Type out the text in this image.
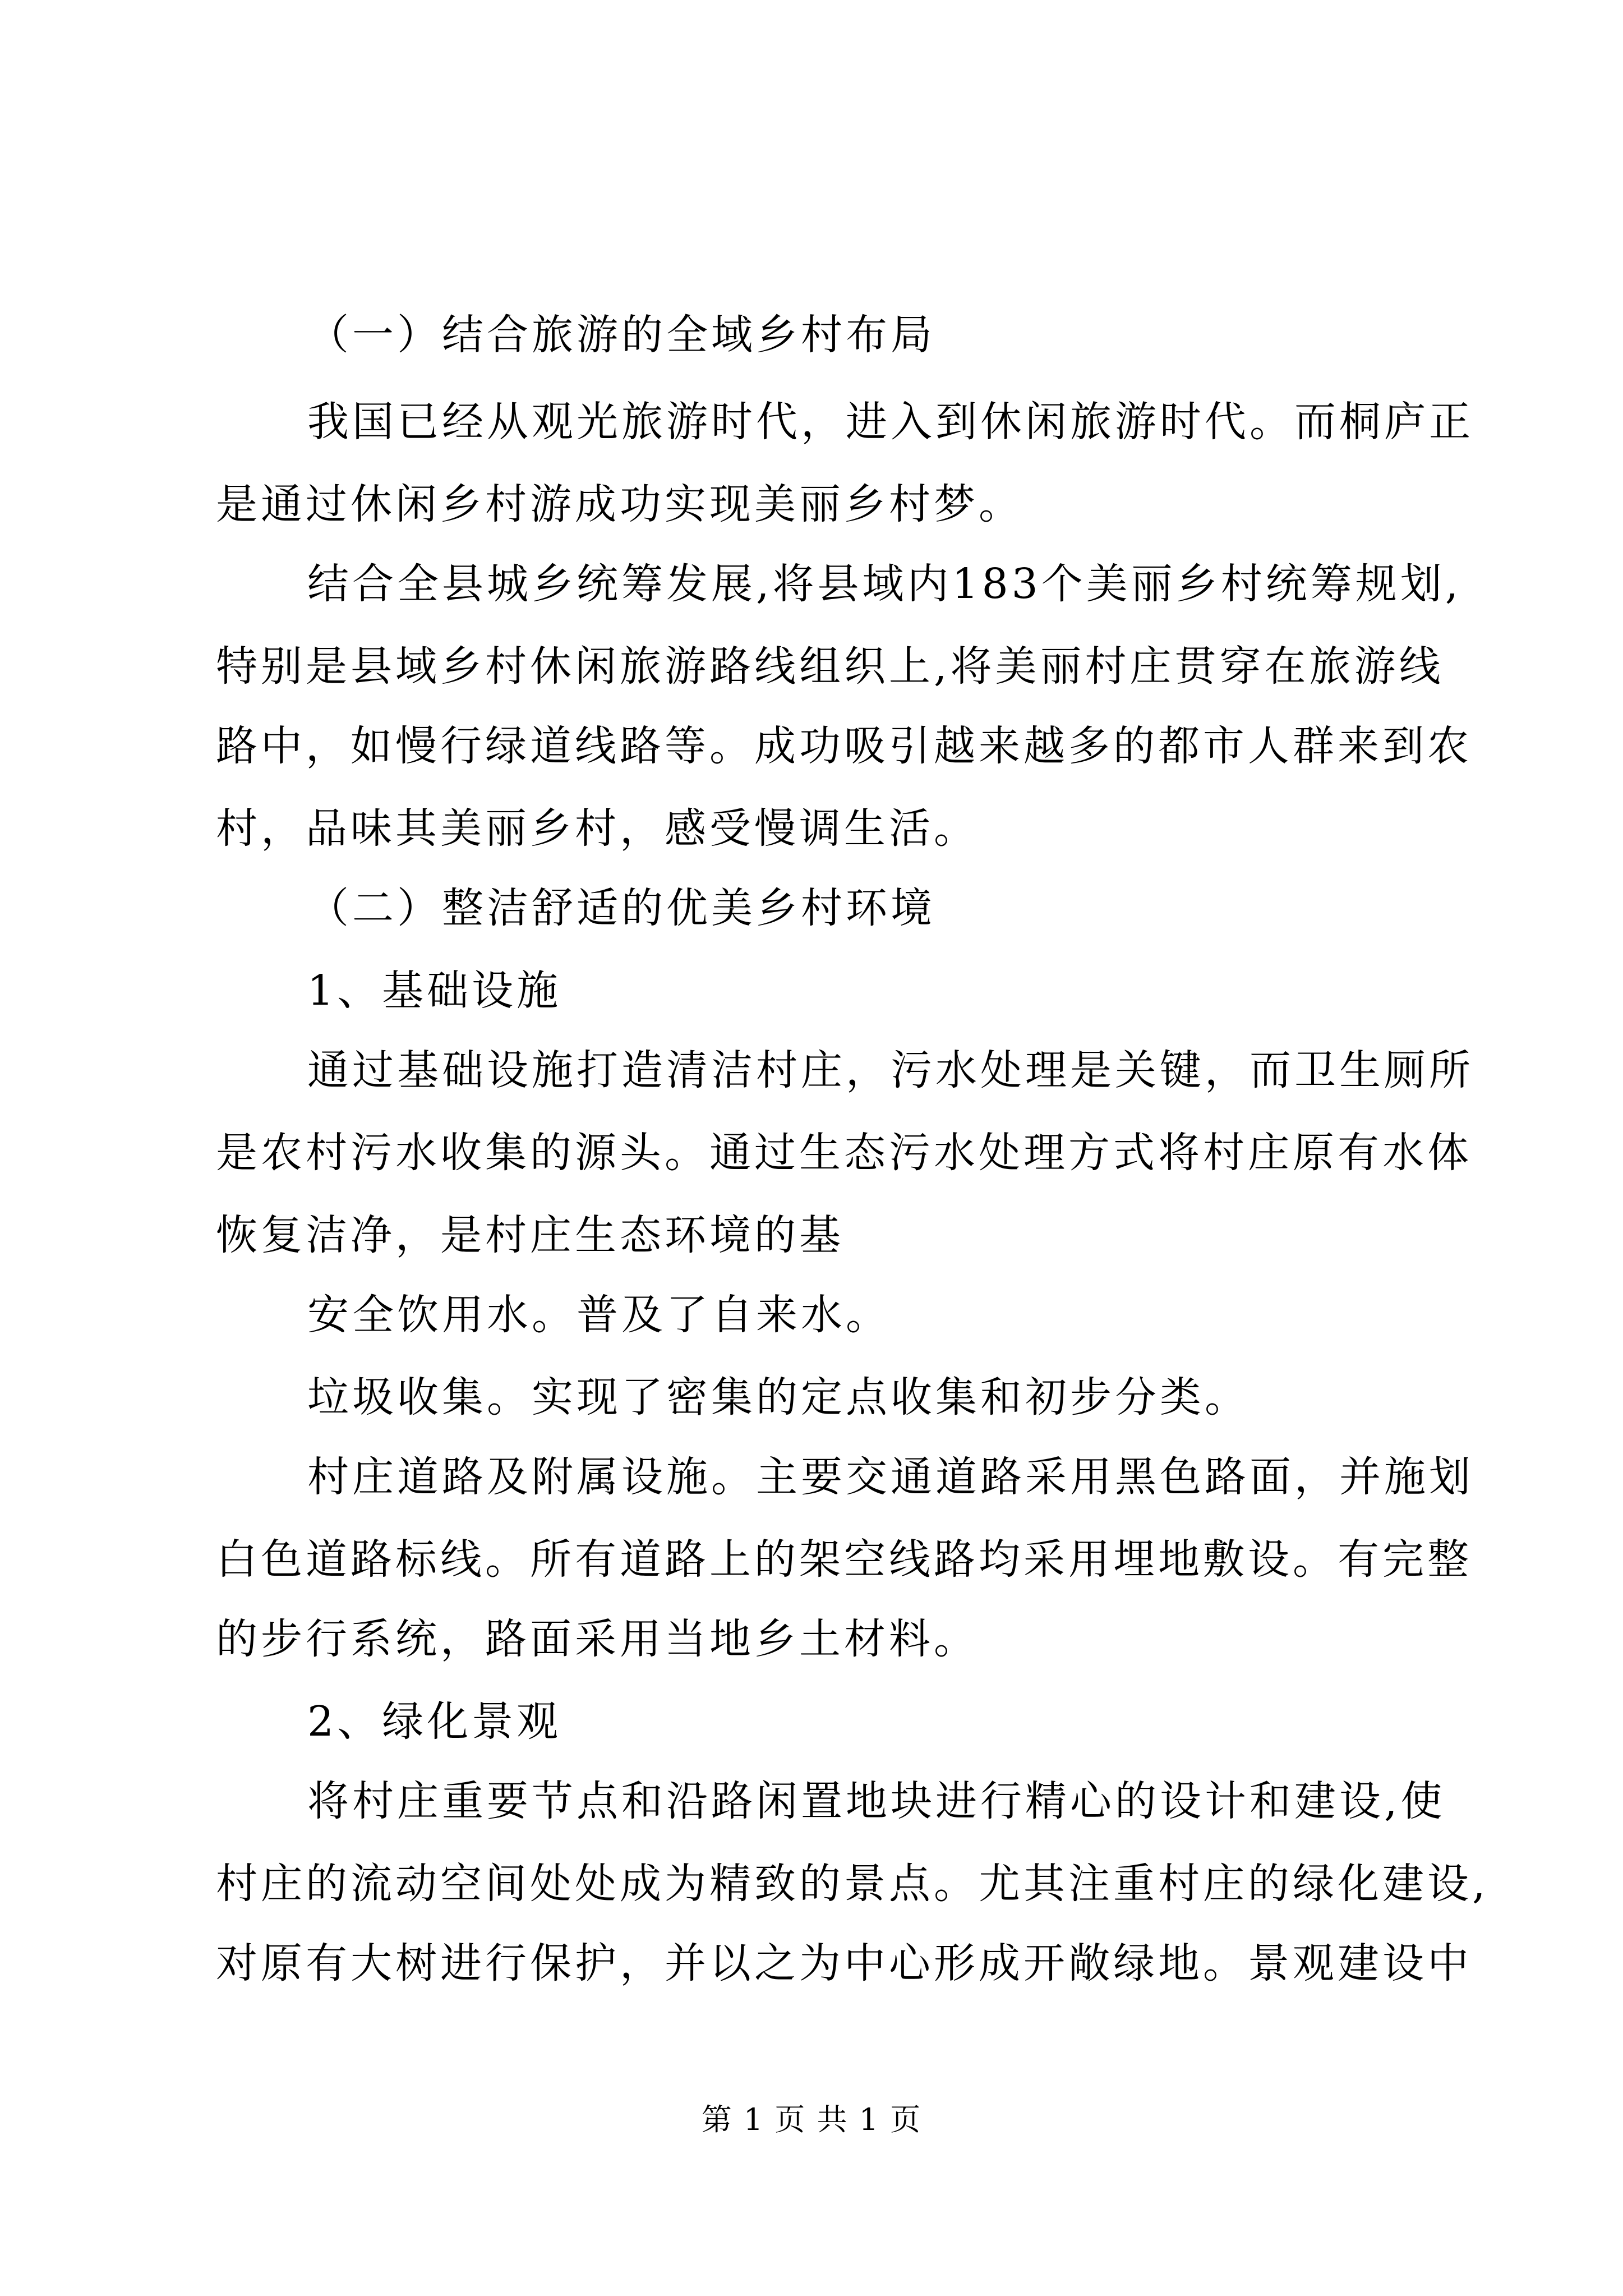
（一）结合旅游的全域乡村布局
我国已经从观光旅游时代，进入到休闲旅游时代。而桐庐正
是通过休闲乡村游成功实现美丽乡村梦。
结合全县城乡统筹发展,将县域内183个美丽乡村统筹规划,
特别是县域乡村休闲旅游路线组织上,将美丽村庄贯穿在旅游线
路中，如慢行绿道线路等。成功吸引越来越多的都市人群来到农
村，品味其美丽乡村，感受慢调生活。
（二）整洁舒适的优美乡村环境
1、基础设施
通过基础设施打造清洁村庄，污水处理是关键，而卫生厕所
是农村污水收集的源头。通过生态污水处理方式将村庄原有水体
恢复洁净，是村庄生态环境的基
安全饮用水。普及了自来水。
垃圾收集。实现了密集的定点收集和初步分类。
村庄道路及附属设施。主要交通道路采用黑色路面，并施划
白色道路标线。所有道路上的架空线路均采用埋地敷设。有完整
的步行系统，路面采用当地乡土材料。
2、绿化景观
将村庄重要节点和沿路闲置地块进行精心的设计和建设,使
村庄的流动空间处处成为精致的景点。尤其注重村庄的绿化建设,
对原有大树进行保护，并以之为中心形成开敞绿地。景观建设中
第 1 页 共 1 页
